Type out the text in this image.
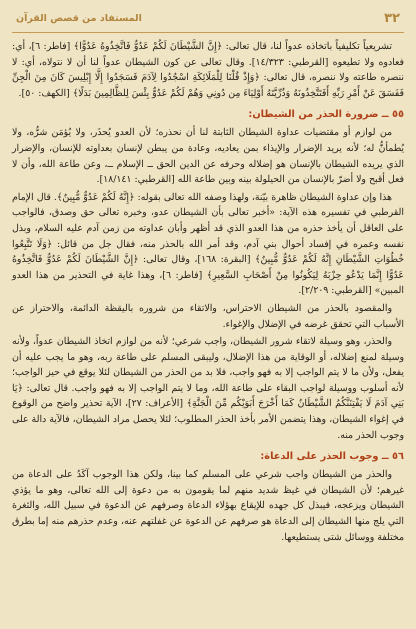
٣٢
المستفاد من قصص القرآن

تشريعياً تكليفياً باتخاذه عدواً لنا، قال تعالى: ﴿إِنَّ الشَّيْطَانَ لَكُمْ عَدُوٌّ فَاتَّخِذُوهُ عَدُوًّا﴾ [فاطر: ٦]، أي: فعادوه ولا تطيعوه [القرطبي: ١٤/٣٢٣]. وقال تعالى عن كون الشيطان عدواً لنا أن لا نتولاه، أي: لا ننصره طاعته ولا ننصره، قال تعالى: ﴿وَإِذْ قُلْنَا لِلْمَلَائِكَةِ اسْجُدُوا لِآدَمَ فَسَجَدُوا إِلَّا إِبْلِيسَ كَانَ مِنَ الْجِنِّ فَفَسَقَ عَنْ أَمْرِ رَبِّهِ أَفَتَتَّخِذُونَهُ وَذُرِّيَّتَهُ أَوْلِيَاءَ مِن دُونِي وَهُمْ لَكُمْ عَدُوٌّ بِئْسَ لِلظَّالِمِينَ بَدَلًا﴾ [الكهف: ٥٠].

٥٥ ــ ضرورة الحذر من الشيطان:

من لوازم أو مقتضيات عداوة الشيطان الثابتة لنا أن نحذره؛ لأن العدو يُحذَر، ولا يُؤمَن شرُّه، ولا يُطمأنُّ له؛ لأنه يريد الإضرار والإيذاء بمن يعاديه، وعادة من يبطن لإنسان بعداوته للإنسان، والإضرار الذي يريده الشيطان بالإنسان هو إضلاله وحرفه عن الدين الحق ــ الإسلام ــ، وعن طاعة الله، وأن لا فعل أقبح ولا أضرّ بالإنسان من الحيلولة بينه وبين طاعة الله [القرطبي: ١٨/١٤١].

هذا وإن عداوة الشيطان ظاهرة بيّنة، ولهذا وصفه الله تعالى بقوله: ﴿إِنَّهُ لَكُمْ عَدُوٌّ مُّبِينٌ﴾. قال الإمام القرطبي في تفسيره هذه الآية: «أخبر تعالى بأن الشيطان عدو، وخبره تعالى حق وصدق، فالواجب على العاقل أن يأخذ حذره من هذا العدو الذي قد أظهر وأبان عداوته من زمن آدم عليه السلام، وبذل نفسه وعمره في إفساد أحوال بني آدم، وقد أمر الله بالحذر منه، فقال جل من قائل: ﴿وَلَا تَتَّبِعُوا خُطُوَاتِ الشَّيْطَانِ إِنَّهُ لَكُمْ عَدُوٌّ مُّبِينٌ﴾ [البقرة: ١٦٨]، وقال تعالى: ﴿إِنَّ الشَّيْطَانَ لَكُمْ عَدُوٌّ فَاتَّخِذُوهُ عَدُوًّا إِنَّمَا يَدْعُو حِزْبَهُ لِيَكُونُوا مِنْ أَصْحَابِ السَّعِيرِ﴾ [فاطر: ٦]، وهذا غاية في التحذير من هذا العدو المبين» [القرطبي: ٢/٢٠٩].

والمقصود بالحذر من الشيطان الاحتراس، والاتقاء من شروره باليقظة الدائمة، والاحتراز عن الأسباب التي تحقق غرضه في الإضلال والإغواء.

والحذر، وهو وسيلة لاتقاء شرور الشيطان، واجب شرعي؛ لأنه من لوازم اتخاذ الشيطان عدواً، ولأنه وسيلة لمنع إضلاله، أو الوقاية من هذا الإضلال، وليبقى المسلم على طاعة ربه، وهو ما يجب عليه أن يفعل، ولأن ما لا يتم الواجب إلا به فهو واجب، فلا بد من الحذر من الشيطان لئلا يوقع في حيز الواجب؛ لأنه أسلوب ووسيلة لواجب البقاء على طاعة الله، وما لا يتم الواجب إلا به فهو واجب. قال تعالى: ﴿يَا بَنِي آدَمَ لَا يَفْتِنَنَّكُمُ الشَّيْطَانُ كَمَا أَخْرَجَ أَبَوَيْكُم مِّنَ الْجَنَّةِ﴾ [الأعراف: ٢٧]، الآية تحذير واضح من الوقوع في إغواء الشيطان، وهذا يتضمن الأمر بأخذ الحذر المطلوب؛ لئلا يحصل مراد الشيطان، فالآية دالة على وجوب الحذر منه.

٥٦ ــ وجوب الحذر على الدعاة:

والحذر من الشيطان واجب شرعي على المسلم كما بينا، ولكن هذا الوجوب آكَدُ على الدعاة من غيرهم؛ لأن الشيطان في غيظ شديد منهم لما يقومون به من دعوة إلى الله تعالى، وهو ما يؤذي الشيطان ويزعجه، فيبذل كل جهده للإيقاع بهؤلاء الدعاة وصرفهم عن الدعوة في سبيل الله، والثغرة التي يلج منها الشيطان إلى الدعاة هو صرفهم عن الدعوة عن غفلتهم عنه، وعدم حذرهم منه إما بطرق مختلفة ووسائل شتى يستطيعها.
